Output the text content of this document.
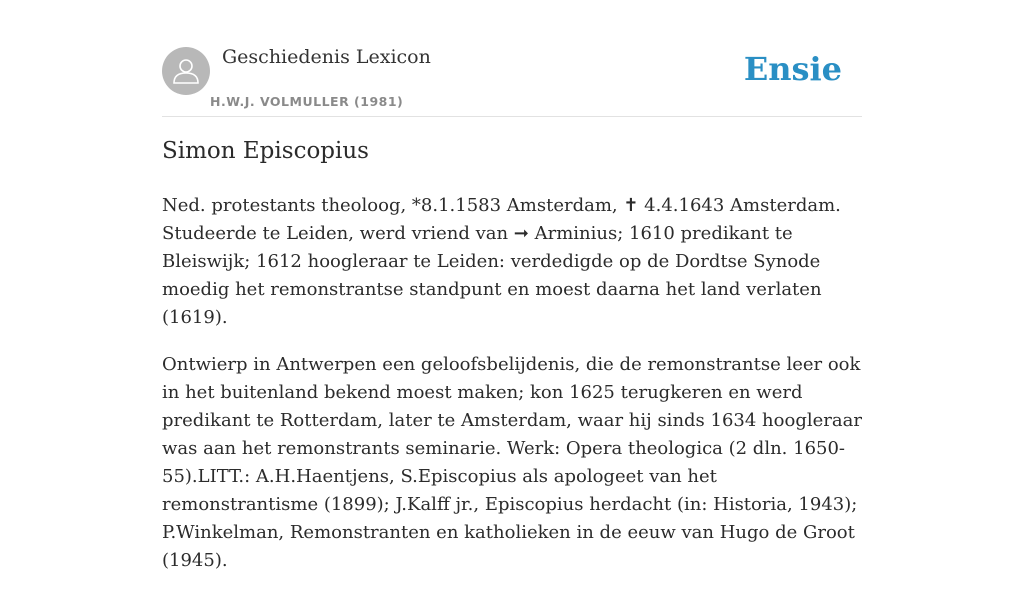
Geschiedenis Lexicon
H.W.J. VOLMULLER (1981)
Ensie
Simon Episcopius

Ned. protestants theoloog, *8.1.1583 Amsterdam, ✝ 4.4.1643 Amsterdam. Studeerde te Leiden, werd vriend van ➞ Arminius; 1610 predikant te Bleiswijk; 1612 hoogleraar te Leiden: verdedigde op de Dordtse Synode moedig het remonstrantse standpunt en moest daarna het land verlaten (1619).

Ontwierp in Antwerpen een geloofsbelijdenis, die de remonstrantse leer ook in het buitenland bekend moest maken; kon 1625 terugkeren en werd predikant te Rotterdam, later te Amsterdam, waar hij sinds 1634 hoogleraar was aan het remonstrants seminarie. Werk: Opera theologica (2 dln. 1650-55).LITT.: A.H.Haentjens, S.Episcopius als apologeet van het remonstrantisme (1899); J.Kalff jr., Episcopius herdacht (in: Historia, 1943); P.Winkelman, Remonstranten en katholieken in de eeuw van Hugo de Groot (1945).
